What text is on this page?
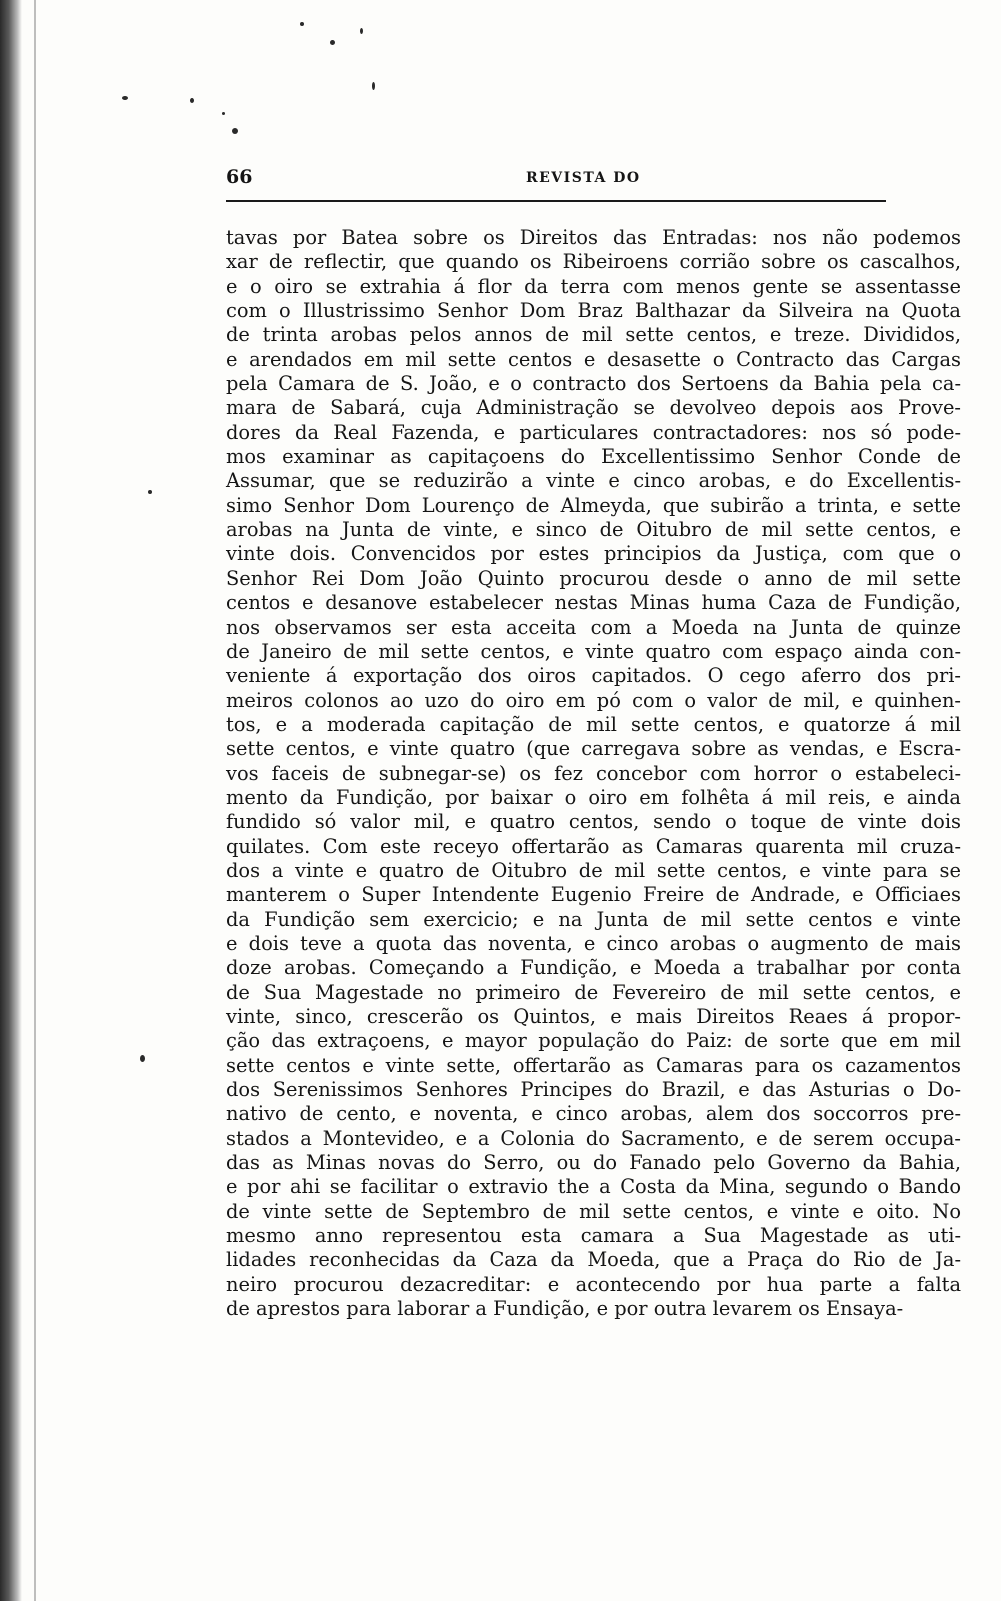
66	REVISTA DO
tavas por Batea sobre os Direitos das Entradas: nos não podemos
xar de reflectir, que quando os Ribeiroens corrião sobre os cascalhos,
e o oiro se extrahia á flor da terra com menos gente se assentasse
com o Illustrissimo Senhor Dom Braz Balthazar da Silveira na Quota
de trinta arobas pelos annos de mil sette centos, e treze. Divididos,
e arendados em mil sette centos e desasette o Contracto das Cargas
pela Camara de S. João, e o contracto dos Sertoens da Bahia pela ca-
mara de Sabará, cuja Administração se devolveo depois aos Prove-
dores da Real Fazenda, e particulares contractadores: nos só pode-
mos examinar as capitaçoens do Excellentissimo Senhor Conde de
Assumar, que se reduzirão a vinte e cinco arobas, e do Excellentis-
simo Senhor Dom Lourenço de Almeyda, que subirão a trinta, e sette
arobas na Junta de vinte, e sinco de Oitubro de mil sette centos, e
vinte dois. Convencidos por estes principios da Justiça, com que o
Senhor Rei Dom João Quinto procurou desde o anno de mil sette
centos e desanove estabelecer nestas Minas huma Caza de Fundição,
nos observamos ser esta acceita com a Moeda na Junta de quinze
de Janeiro de mil sette centos, e vinte quatro com espaço ainda con-
veniente á exportação dos oiros capitados. O cego aferro dos pri-
meiros colonos ao uzo do oiro em pó com o valor de mil, e quinhen-
tos, e a moderada capitação de mil sette centos, e quatorze á mil
sette centos, e vinte quatro (que carregava sobre as vendas, e Escra-
vos faceis de subnegar-se) os fez concebor com horror o estabeleci-
mento da Fundição, por baixar o oiro em folhêta á mil reis, e ainda
fundido só valor mil, e quatro centos, sendo o toque de vinte dois
quilates. Com este receyo offertarão as Camaras quarenta mil cruza-
dos a vinte e quatro de Oitubro de mil sette centos, e vinte para se
manterem o Super Intendente Eugenio Freire de Andrade, e Officiaes
da Fundição sem exercicio; e na Junta de mil sette centos e vinte
e dois teve a quota das noventa, e cinco arobas o augmento de mais
doze arobas. Começando a Fundição, e Moeda a trabalhar por conta
de Sua Magestade no primeiro de Fevereiro de mil sette centos, e
vinte, sinco, crescerão os Quintos, e mais Direitos Reaes á propor-
ção das extraçoens, e mayor população do Paiz: de sorte que em mil
sette centos e vinte sette, offertarão as Camaras para os cazamentos
dos Serenissimos Senhores Principes do Brazil, e das Asturias o Do-
nativo de cento, e noventa, e cinco arobas, alem dos soccorros pre-
stados a Montevideo, e a Colonia do Sacramento, e de serem occupa-
das as Minas novas do Serro, ou do Fanado pelo Governo da Bahia,
e por ahi se facilitar o extravio the a Costa da Mina, segundo o Bando
de vinte sette de Septembro de mil sette centos, e vinte e oito. No
mesmo anno representou esta camara a Sua Magestade as uti-
lidades reconhecidas da Caza da Moeda, que a Praça do Rio de Ja-
neiro procurou dezacreditar: e acontecendo por hua parte a falta
de aprestos para laborar a Fundição, e por outra levarem os Ensaya-
